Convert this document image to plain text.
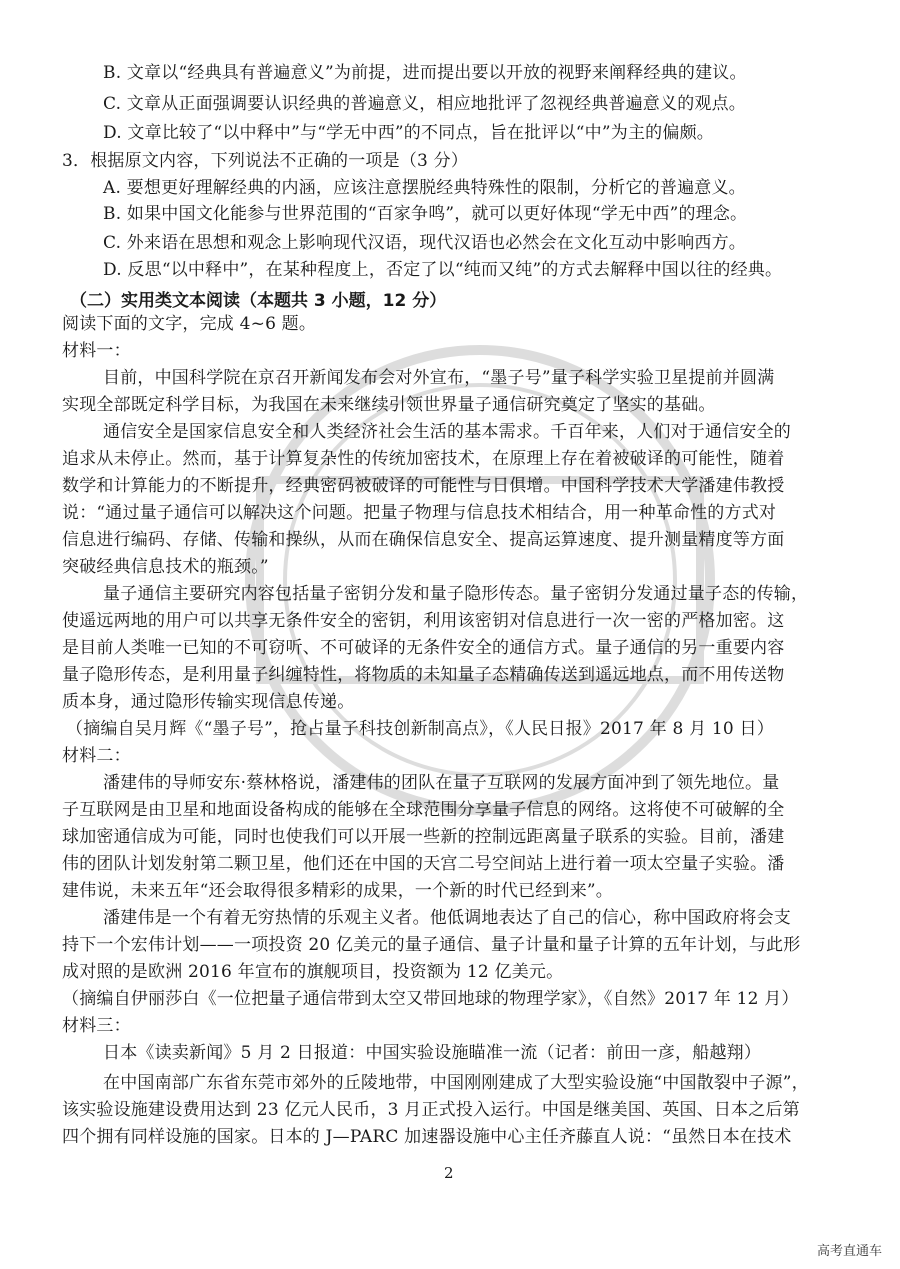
B. 文章以“经典具有普遍意义”为前提，进而提出要以开放的视野来阐释经典的建议。
C. 文章从正面强调要认识经典的普遍意义，相应地批评了忽视经典普遍意义的观点。
D. 文章比较了“以中释中”与“学无中西”的不同点，旨在批评以“中”为主的偏颇。
3．根据原文内容，下列说法不正确的一项是（3 分）
A. 要想更好理解经典的内涵，应该注意摆脱经典特殊性的限制，分析它的普遍意义。
B. 如果中国文化能参与世界范围的“百家争鸣”，就可以更好体现“学无中西”的理念。
C. 外来语在思想和观念上影响现代汉语，现代汉语也必然会在文化互动中影响西方。
D. 反思“以中释中”，在某种程度上，否定了以“纯而又纯”的方式去解释中国以往的经典。
（二）实用类文本阅读（本题共 3 小题，12 分）
阅读下面的文字，完成 4~6 题。
材料一：
目前，中国科学院在京召开新闻发布会对外宣布，“墨子号”量子科学实验卫星提前并圆满
实现全部既定科学目标，为我国在未来继续引领世界量子通信研究奠定了坚实的基础。
通信安全是国家信息安全和人类经济社会生活的基本需求。千百年来，人们对于通信安全的
追求从未停止。然而，基于计算复杂性的传统加密技术，在原理上存在着被破译的可能性，随着
数学和计算能力的不断提升，经典密码被破译的可能性与日俱增。中国科学技术大学潘建伟教授
说：“通过量子通信可以解决这个问题。把量子物理与信息技术相结合，用一种革命性的方式对
信息进行编码、存储、传输和操纵，从而在确保信息安全、提高运算速度、提升测量精度等方面
突破经典信息技术的瓶颈。”
量子通信主要研究内容包括量子密钥分发和量子隐形传态。量子密钥分发通过量子态的传输，
使遥远两地的用户可以共享无条件安全的密钥，利用该密钥对信息进行一次一密的严格加密。这
是目前人类唯一已知的不可窃听、不可破译的无条件安全的通信方式。量子通信的另一重要内容
量子隐形传态，是利用量子纠缠特性，将物质的未知量子态精确传送到遥远地点，而不用传送物
质本身，通过隐形传输实现信息传递。
（摘编自吴月辉《“墨子号”，抢占量子科技创新制高点》，《人民日报》2017 年 8 月 10 日）
材料二：
潘建伟的导师安东·蔡林格说，潘建伟的团队在量子互联网的发展方面冲到了领先地位。量
子互联网是由卫星和地面设备构成的能够在全球范围分享量子信息的网络。这将使不可破解的全
球加密通信成为可能，同时也使我们可以开展一些新的控制远距离量子联系的实验。目前，潘建
伟的团队计划发射第二颗卫星，他们还在中国的天宫二号空间站上进行着一项太空量子实验。潘
建伟说，未来五年“还会取得很多精彩的成果，一个新的时代已经到来”。
潘建伟是一个有着无穷热情的乐观主义者。他低调地表达了自己的信心，称中国政府将会支
持下一个宏伟计划——一项投资 20 亿美元的量子通信、量子计量和量子计算的五年计划，与此形
成对照的是欧洲 2016 年宣布的旗舰项目，投资额为 12 亿美元。
（摘编自伊丽莎白《一位把量子通信带到太空又带回地球的物理学家》，《自然》2017 年 12 月）
材料三：
日本《读卖新闻》5 月 2 日报道：中国实验设施瞄准一流（记者：前田一彦，船越翔）
在中国南部广东省东莞市郊外的丘陵地带，中国刚刚建成了大型实验设施“中国散裂中子源”，
该实验设施建设费用达到 23 亿元人民币，3 月正式投入运行。中国是继美国、英国、日本之后第
四个拥有同样设施的国家。日本的 J—PARC 加速器设施中心主任齐藤直人说：“虽然日本在技术
2
高考直通车
